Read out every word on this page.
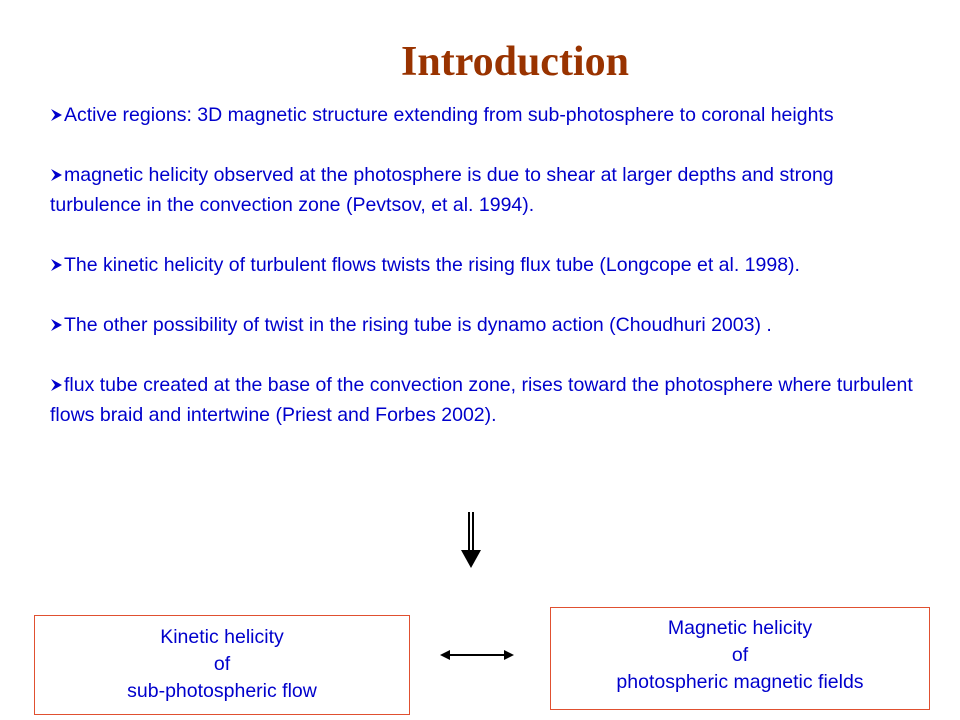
Introduction
Active regions: 3D magnetic structure extending from sub-photosphere to coronal heights
magnetic helicity observed at the photosphere is due to shear at larger depths and strong turbulence in the convection zone (Pevtsov, et al. 1994).
The kinetic helicity of turbulent flows twists the rising flux tube (Longcope et al. 1998).
The other possibility of twist in the rising tube is dynamo action (Choudhuri 2003) .
flux tube created at the base of the convection zone, rises toward the photosphere where turbulent flows braid and intertwine (Priest and Forbes 2002).
Kinetic helicity
of
sub-photospheric flow
Magnetic helicity
of
photospheric magnetic fields
